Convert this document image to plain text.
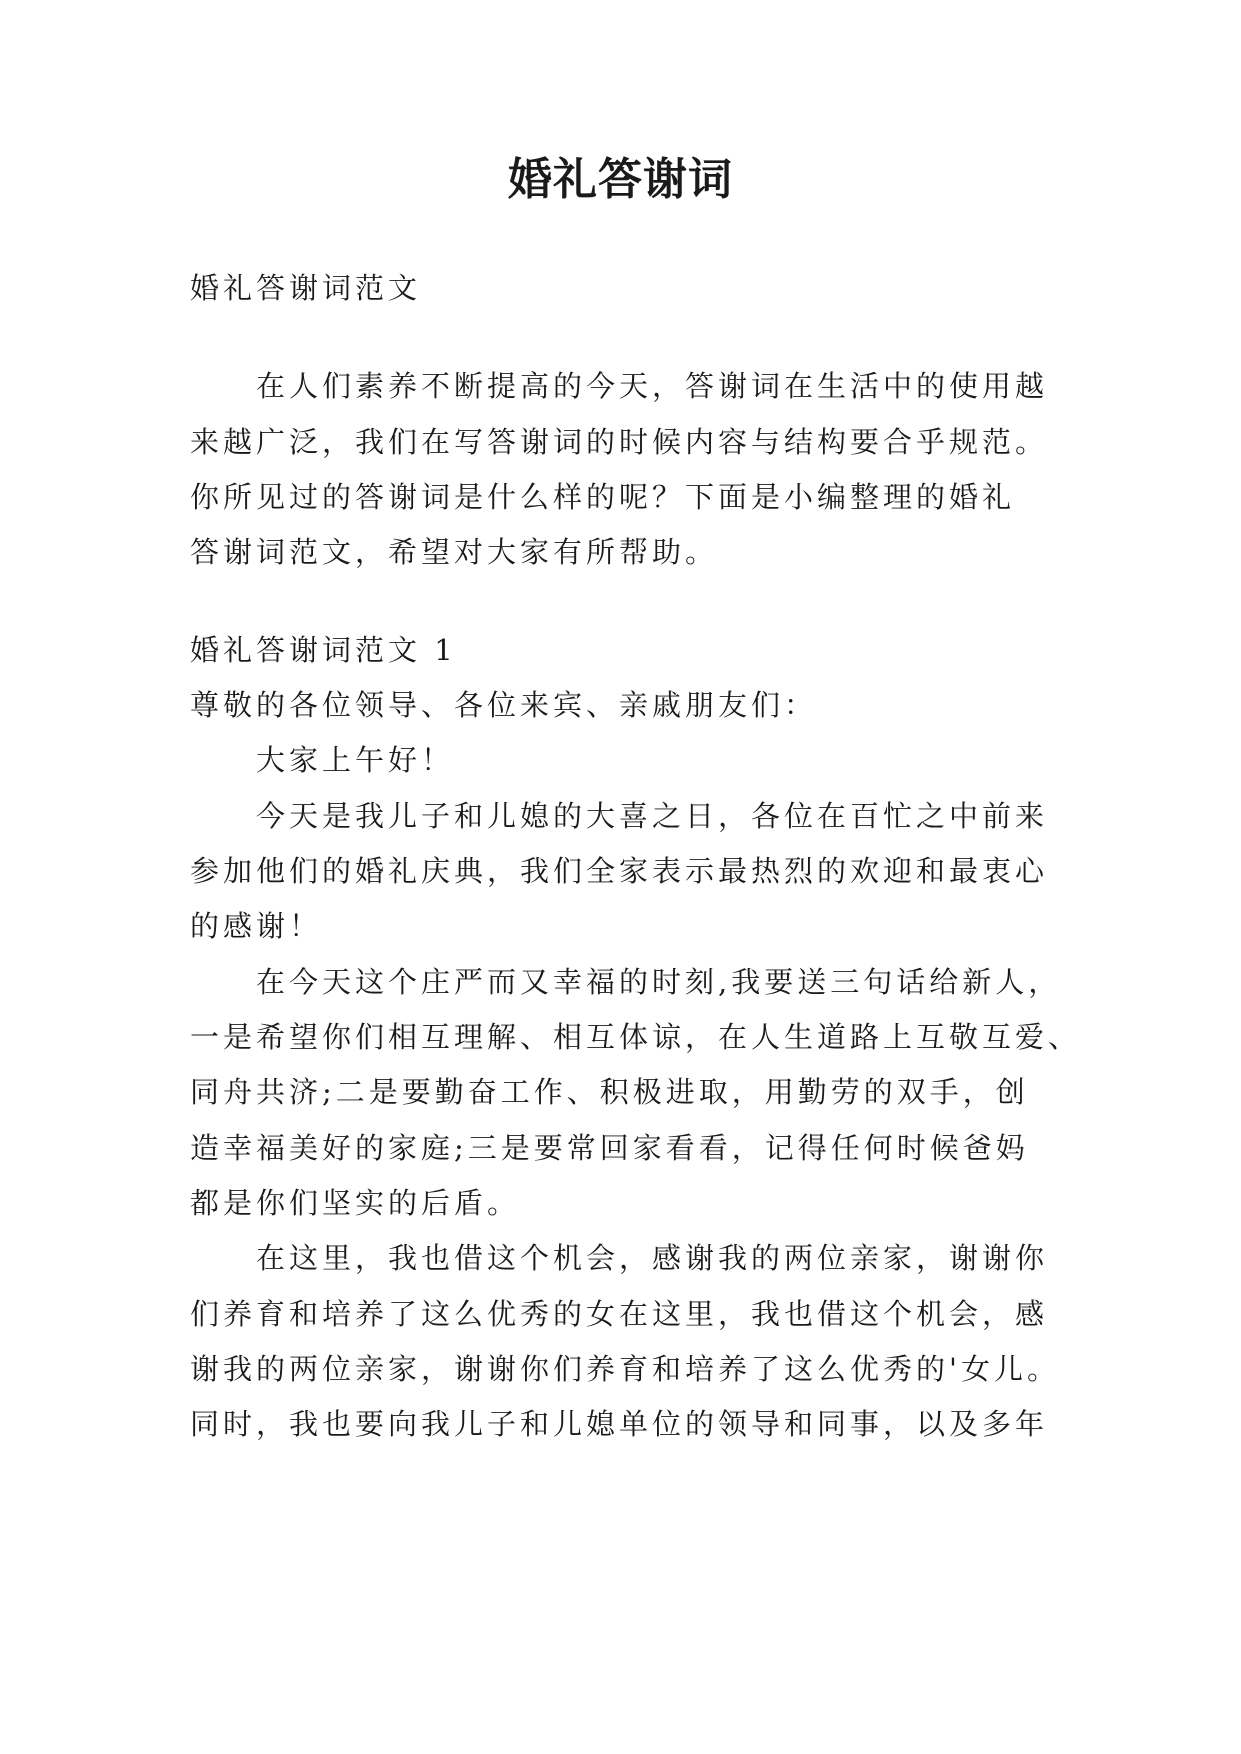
婚礼答谢词
婚礼答谢词范文
　　在人们素养不断提高的今天，答谢词在生活中的使用越
来越广泛，我们在写答谢词的时候内容与结构要合乎规范。
你所见过的答谢词是什么样的呢？下面是小编整理的婚礼
答谢词范文，希望对大家有所帮助。
婚礼答谢词范文 1
尊敬的各位领导、各位来宾、亲戚朋友们：
　　大家上午好！
　　今天是我儿子和儿媳的大喜之日，各位在百忙之中前来
参加他们的婚礼庆典，我们全家表示最热烈的欢迎和最衷心
的感谢！
　　在今天这个庄严而又幸福的时刻,我要送三句话给新人，
一是希望你们相互理解、相互体谅，在人生道路上互敬互爱、
同舟共济;二是要勤奋工作、积极进取，用勤劳的双手，创
造幸福美好的家庭;三是要常回家看看，记得任何时候爸妈
都是你们坚实的后盾。
　　在这里，我也借这个机会，感谢我的两位亲家，谢谢你
们养育和培养了这么优秀的女在这里，我也借这个机会，感
谢我的两位亲家，谢谢你们养育和培养了这么优秀的'女儿。
同时，我也要向我儿子和儿媳单位的领导和同事，以及多年
